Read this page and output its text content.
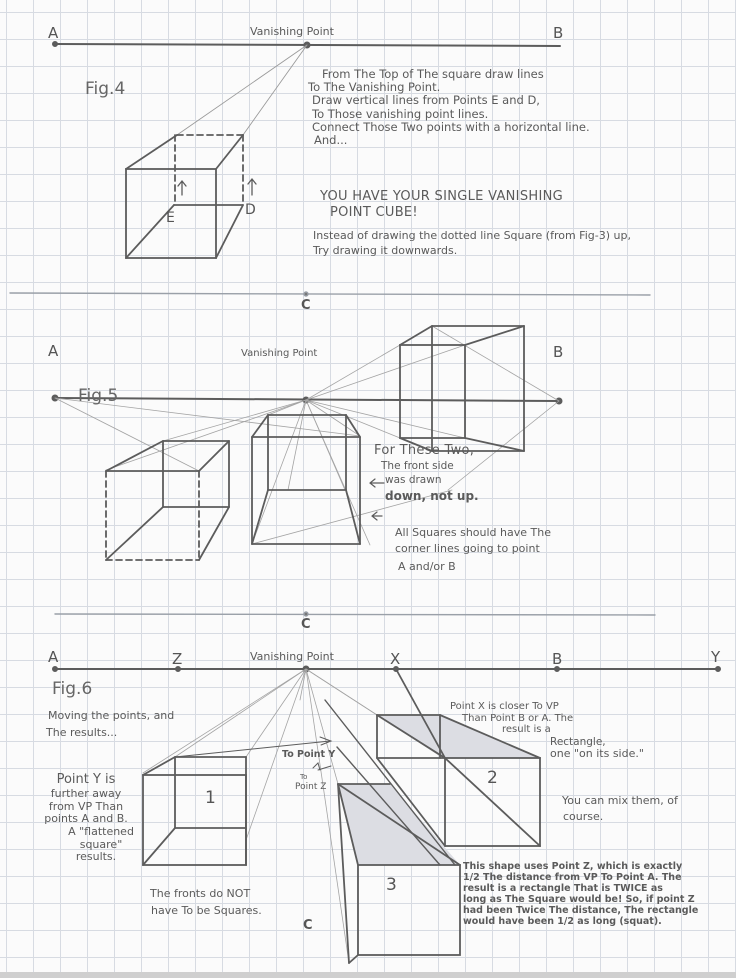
A	Vanishing Point	B
Fig.4
E	D
From The Top of The square draw lines
To The Vanishing Point.
Draw vertical lines from Points E and D,
To Those vanishing point lines.
Connect Those Two points with a horizontal line.
And...
YOU HAVE YOUR SINGLE VANISHING
POINT CUBE!
Instead of drawing the dotted line Square (from Fig-3) up,
Try drawing it downwards.
C
A	Vanishing Point	B
Fig.5
For These Two,
The front side
was drawn
down, not up.
All Squares should have The
corner lines going to point
A and/or B
C
A	Z	Vanishing Point	X	B	Y
Fig.6
Moving the points, and
The results...
Point Y is
further away
from VP Than
points A and B.
A "flattened
square"
results.
1
2
3
To Point Y
To
Point Z
Point X is closer To VP
Than Point B or A. The
result is a
Rectangle,
one "on its side."
You can mix them, of
course.
The fronts do NOT
have To be Squares.
C
This shape uses Point Z, which is exactly
1/2 The distance from VP To Point A. The
result is a rectangle That is TWICE as
long as The Square would be! So, if point Z
had been Twice The distance, The rectangle
would have been 1/2 as long (squat).
